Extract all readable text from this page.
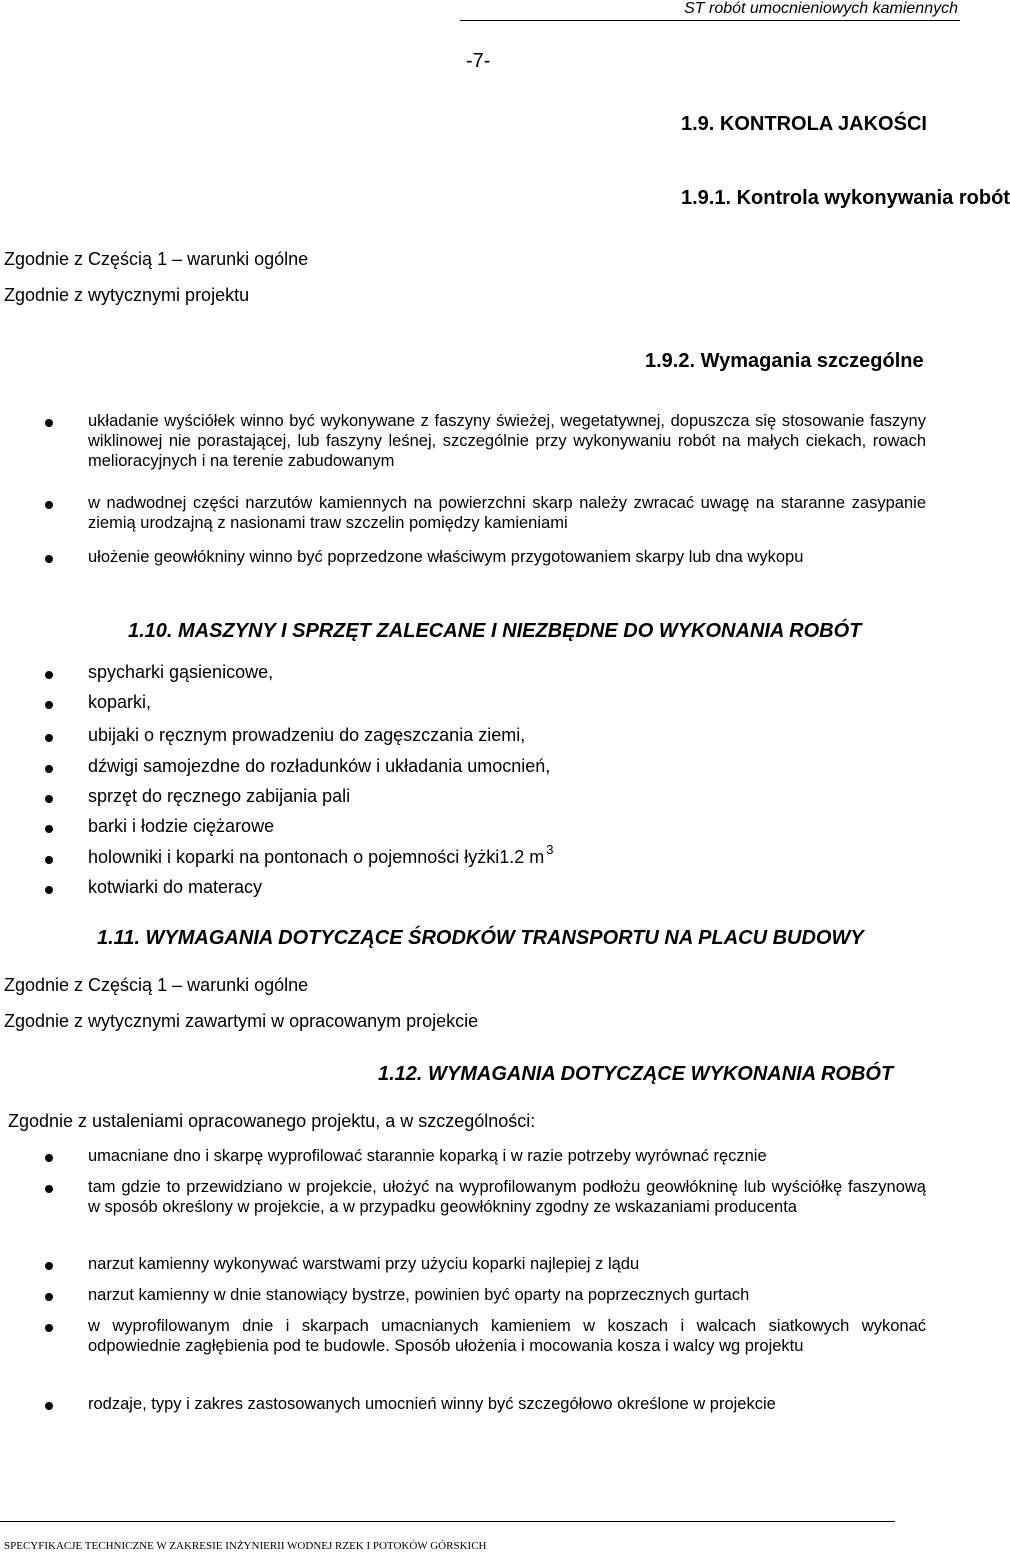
ST robót umocnieniowych kamiennych
-7-
1.9. KONTROLA JAKOŚCI
1.9.1. Kontrola wykonywania robót
Zgodnie z Częścią 1 – warunki ogólne
Zgodnie z wytycznymi projektu
1.9.2. Wymagania szczególne
układanie wyściółek winno być wykonywane z faszyny świeżej, wegetatywnej, dopuszcza się stosowanie faszyny wiklinowej nie porastającej, lub faszyny leśnej, szczególnie przy wykonywaniu robót na małych ciekach, rowach melioracyjnych i na terenie zabudowanym
w nadwodnej części narzutów kamiennych na powierzchni skarp należy zwracać uwagę na staranne zasypanie ziemią urodzajną z nasionami traw szczelin pomiędzy kamieniami
ułożenie geowłókniny winno być poprzedzone właściwym przygotowaniem skarpy lub dna wykopu
1.10. MASZYNY I SPRZĘT ZALECANE I NIEZBĘDNE DO WYKONANIA ROBÓT
spycharki gąsienicowe,
koparki,
ubijaki o ręcznym prowadzeniu do zagęszczania ziemi,
dźwigi samojezdne do rozładunków i układania umocnień,
sprzęt do ręcznego zabijania pali
barki i łodzie ciężarowe
holowniki i koparki na pontonach o pojemności łyżki1.2 m $^3$
kotwiarki do materacy
1.11. WYMAGANIA DOTYCZĄCE ŚRODKÓW TRANSPORTU NA PLACU BUDOWY
Zgodnie z Częścią 1 – warunki ogólne
Zgodnie z wytycznymi zawartymi w opracowanym projekcie
1.12. WYMAGANIA DOTYCZĄCE WYKONANIA ROBÓT
Zgodnie z ustaleniami opracowanego projektu, a w szczególności:
umacniane dno i skarpę wyprofilować starannie koparką i w razie potrzeby wyrównać ręcznie
tam gdzie to przewidziano w projekcie, ułożyć na wyprofilowanym podłożu geowłókninę lub wyściółkę faszynową w sposób określony w projekcie, a w przypadku geowłókniny zgodny ze wskazaniami producenta
narzut kamienny wykonywać warstwami przy użyciu koparki najlepiej z lądu
narzut kamienny w dnie stanowiący bystrze, powinien być oparty na poprzecznych gurtach
w wyprofilowanym dnie i skarpach umacnianych kamieniem w koszach i walcach siatkowych wykonać odpowiednie zagłębienia pod te budowle. Sposób ułożenia i mocowania kosza i walcy wg projektu
rodzaje, typy i zakres zastosowanych umocnień winny być szczegółowo określone w projekcie
SPECYFIKACJE TECHNICZNE W ZAKRESIE INŻYNIERII WODNEJ RZEK I POTOKÓW GÓRSKICH
